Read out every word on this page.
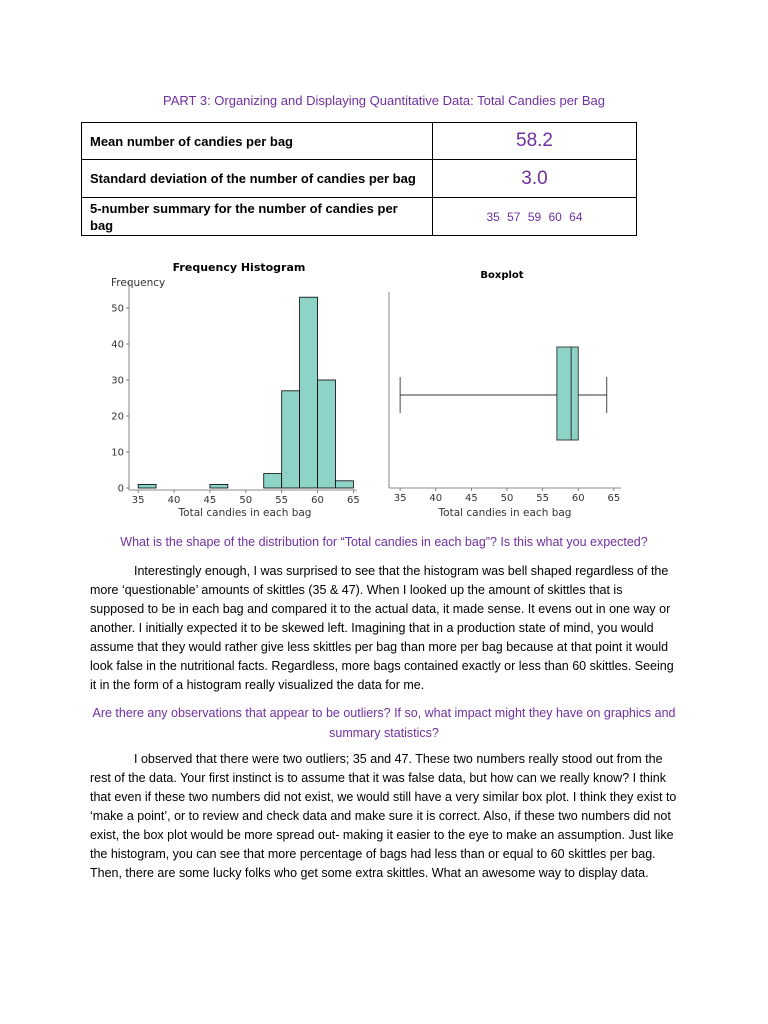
PART 3: Organizing and Displaying Quantitative Data: Total Candies per Bag
Mean number of candies per bag	58.2
Standard deviation of the number of candies per bag	3.0
5-number summary for the number of candies per bag	35 57 59 60 64
Frequency Histogram
Frequency
0
10
20
30
40
50
35 40 45 50 55 60 65
Total candies in each bag
Boxplot
35 40 45 50 55 60 65
Total candies in each bag
What is the shape of the distribution for “Total candies in each bag”? Is this what you expected?

Interestingly enough, I was surprised to see that the histogram was bell shaped regardless of the more ‘questionable’ amounts of skittles (35 & 47). When I looked up the amount of skittles that is supposed to be in each bag and compared it to the actual data, it made sense. It evens out in one way or another. I initially expected it to be skewed left. Imagining that in a production state of mind, you would assume that they would rather give less skittles per bag than more per bag because at that point it would look false in the nutritional facts. Regardless, more bags contained exactly or less than 60 skittles. Seeing it in the form of a histogram really visualized the data for me.

Are there any observations that appear to be outliers? If so, what impact might they have on graphics and summary statistics?

I observed that there were two outliers; 35 and 47. These two numbers really stood out from the rest of the data. Your first instinct is to assume that it was false data, but how can we really know? I think that even if these two numbers did not exist, we would still have a very similar box plot. I think they exist to ‘make a point’, or to review and check data and make sure it is correct. Also, if these two numbers did not exist, the box plot would be more spread out- making it easier to the eye to make an assumption. Just like the histogram, you can see that more percentage of bags had less than or equal to 60 skittles per bag. Then, there are some lucky folks who get some extra skittles. What an awesome way to display data.
